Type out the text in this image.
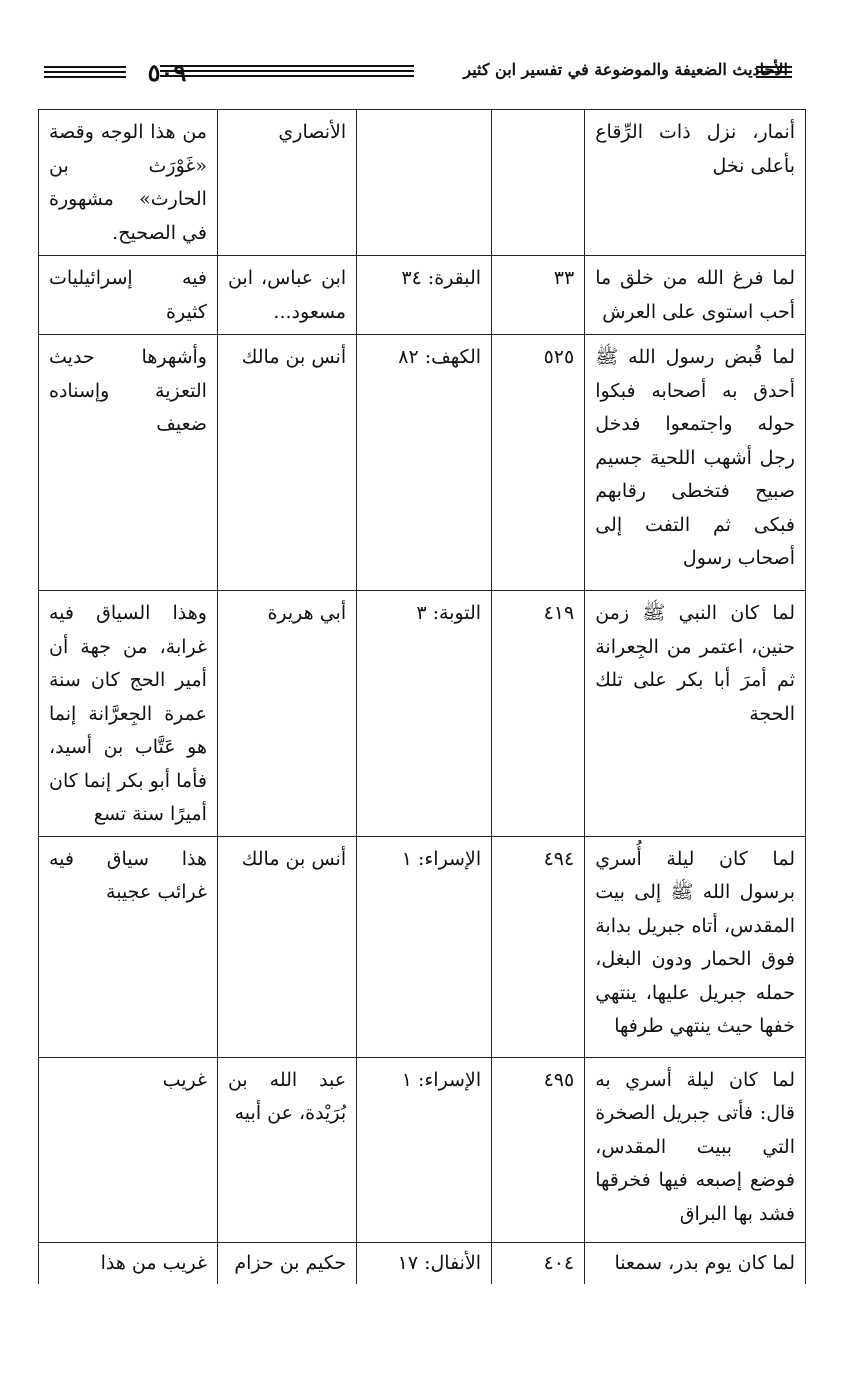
٥٠٩	الأحاديث الضعيفة والموضوعة في تفسير ابن كثير
أنمار، نزل ذات الرِّقاع بأعلى نخل			الأنصاري	من هذا الوجه وقصة «غَوْرَث بن الحارث» مشهورة في الصحيح.
لما فرغ الله من خلق ما أحب استوى على العرش	٣٣	البقرة: ٣٤	ابن عباس، ابن مسعود...	فيه إسرائيليات كثيرة
لما قُبض رسول الله ﷺ أحدق به أصحابه فبكوا حوله واجتمعوا فدخل رجل أشهب اللحية جسيم صبيح فتخطى رقابهم فبكى ثم التفت إلى أصحاب رسول	٥٢٥	الكهف: ٨٢	أنس بن مالك	وأشهرها حديث التعزية وإسناده ضعيف
لما كان النبي ﷺ زمن حنين، اعتمر من الجِعرانة ثم أمرَ أبا بكر على تلك الحجة	٤١٩	التوبة: ٣	أبي هريرة	وهذا السياق فيه غرابة، من جهة أن أمير الحج كان سنة عمرة الجِعرَّانة إنما هو عَتَّاب بن أسيد، فأما أبو بكر إنما كان أميرًا سنة تسع
لما كان ليلة أُسري برسول الله ﷺ إلى بيت المقدس، أتاه جبريل بدابة فوق الحمار ودون البغل، حمله جبريل عليها، ينتهي خفها حيث ينتهي طرفها	٤٩٤	الإسراء: ١	أنس بن مالك	هذا سياق فيه غرائب عجيبة
لما كان ليلة أسري به قال: فأتى جبريل الصخرة التي ببيت المقدس، فوضع إصبعه فيها فخرقها فشد بها البراق	٤٩٥	الإسراء: ١	عبد الله بن بُرَيْدة، عن أبيه	غريب
لما كان يوم بدر، سمعنا	٤٠٤	الأنفال: ١٧	حكيم بن حزام	غريب من هذا
